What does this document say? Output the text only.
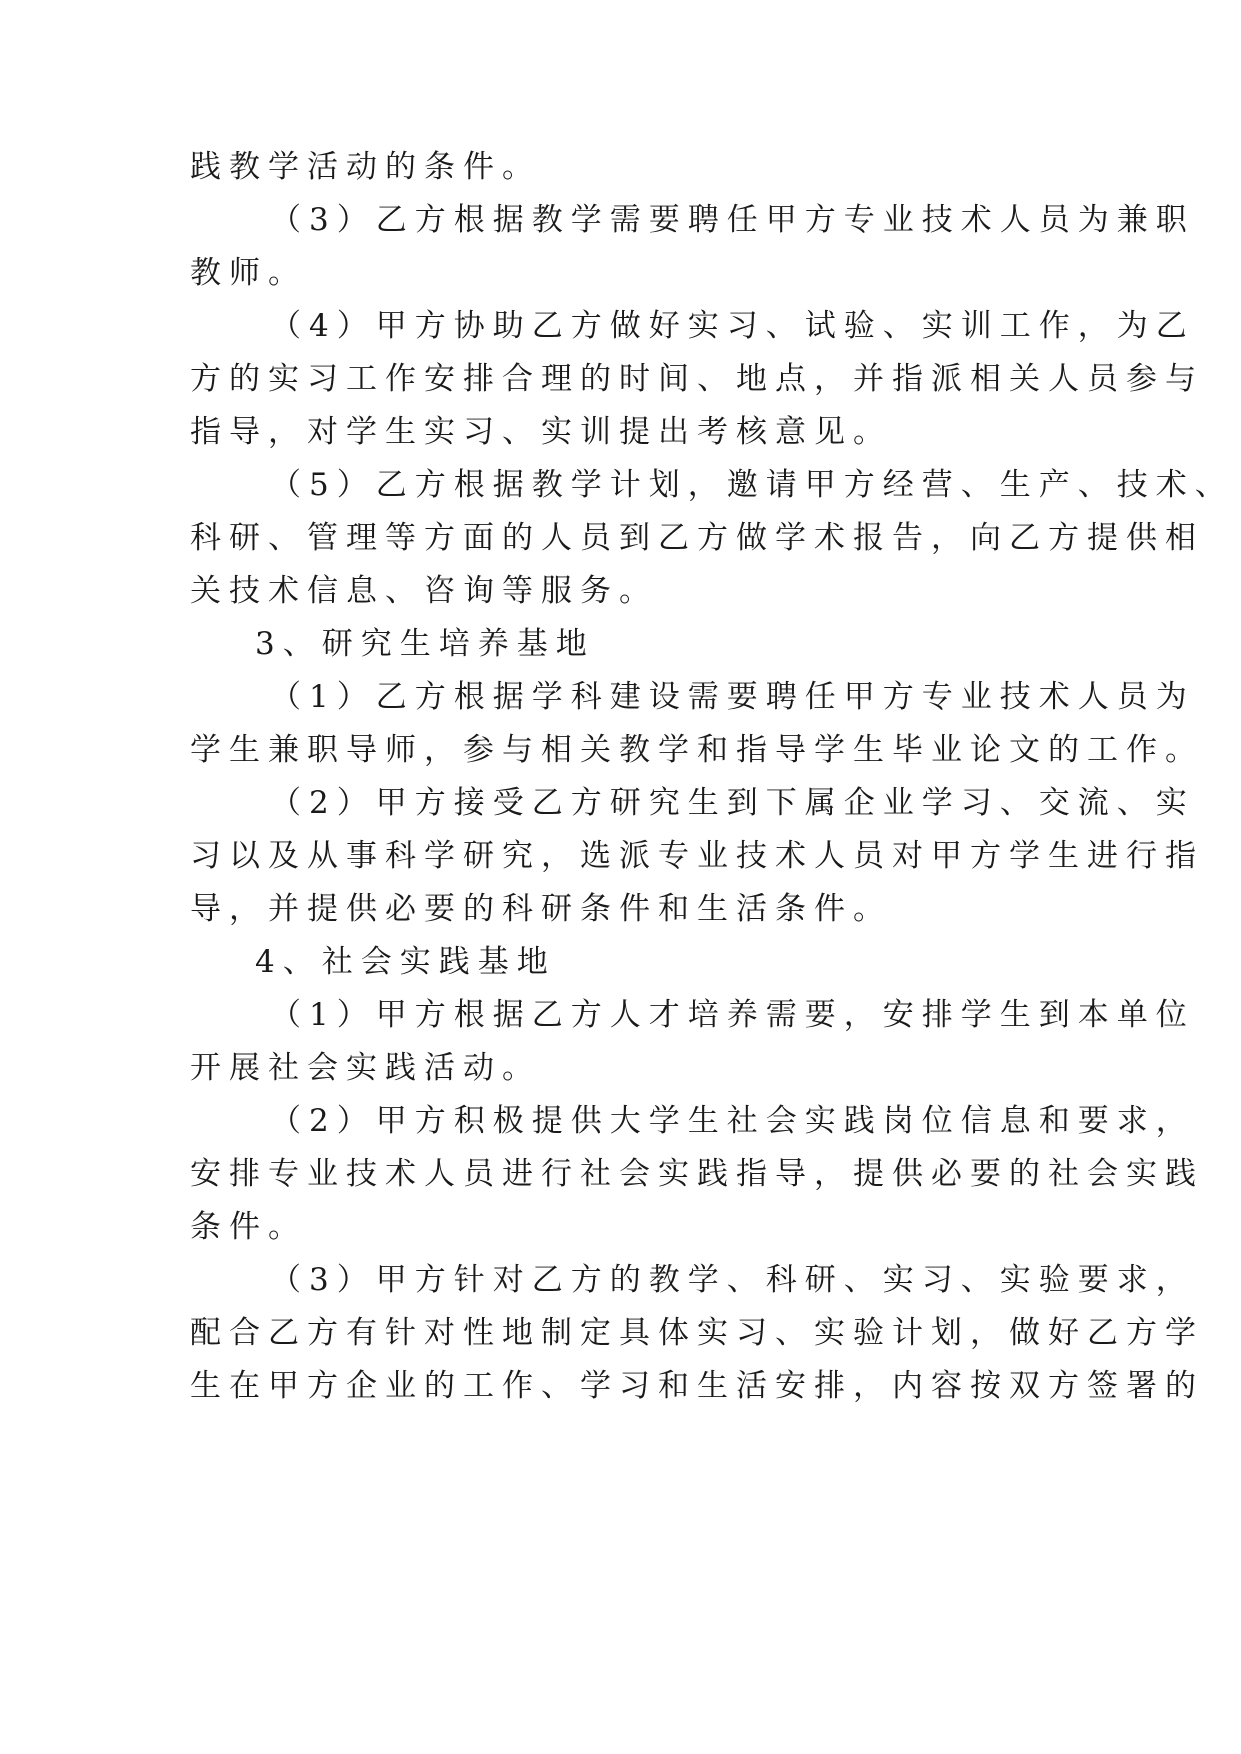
践教学活动的条件。
（3）乙方根据教学需要聘任甲方专业技术人员为兼职
教师。
（4）甲方协助乙方做好实习、试验、实训工作，为乙
方的实习工作安排合理的时间、地点，并指派相关人员参与
指导，对学生实习、实训提出考核意见。
（5）乙方根据教学计划，邀请甲方经营、生产、技术、
科研、管理等方面的人员到乙方做学术报告，向乙方提供相
关技术信息、咨询等服务。
3、研究生培养基地
（1）乙方根据学科建设需要聘任甲方专业技术人员为
学生兼职导师，参与相关教学和指导学生毕业论文的工作。
（2）甲方接受乙方研究生到下属企业学习、交流、实
习以及从事科学研究，选派专业技术人员对甲方学生进行指
导，并提供必要的科研条件和生活条件。
4、社会实践基地
（1）甲方根据乙方人才培养需要，安排学生到本单位
开展社会实践活动。
（2）甲方积极提供大学生社会实践岗位信息和要求，
安排专业技术人员进行社会实践指导，提供必要的社会实践
条件。
（3）甲方针对乙方的教学、科研、实习、实验要求，
配合乙方有针对性地制定具体实习、实验计划，做好乙方学
生在甲方企业的工作、学习和生活安排，内容按双方签署的
